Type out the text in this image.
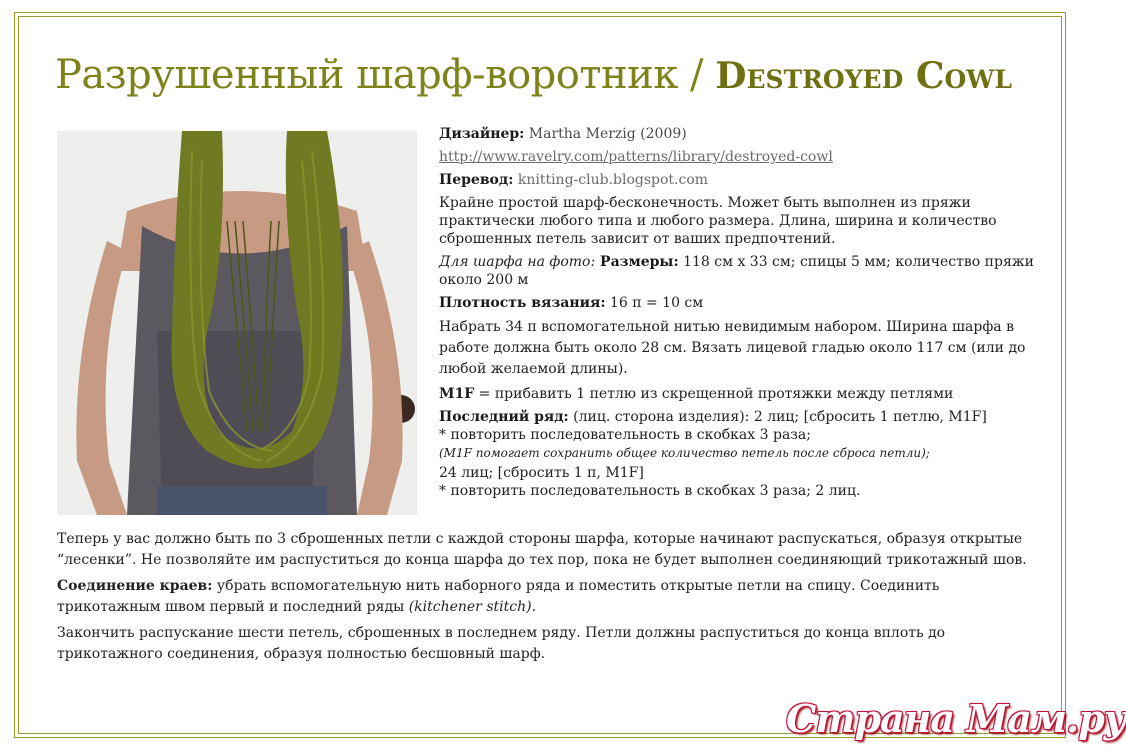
Разрушенный шарф-воротник / Destroyed Cowl

Дизайнер: Martha Merzig (2009)

http://www.ravelry.com/patterns/library/destroyed-cowl

Перевод: knitting-club.blogspot.com

Крайне простой шарф-бесконечность. Может быть выполнен из пряжи практически любого типа и любого размера. Длина, ширина и количество сброшенных петель зависит от ваших предпочтений.

Для шарфа на фото: Размеры: 118 см х 33 см; спицы 5 мм; количество пряжи около 200 м

Плотность вязания: 16 п = 10 см

Набрать 34 п вспомогательной нитью невидимым набором. Ширина шарфа в работе должна быть около 28 см. Вязать лицевой гладью около 117 см (или до любой желаемой длины).

M1F = прибавить 1 петлю из скрещенной протяжки между петлями

Последний ряд: (лиц. сторона изделия): 2 лиц; [сбросить 1 петлю, M1F]

* повторить последовательность в скобках 3 раза;

(M1F помогает сохранить общее количество петель после сброса петли);

24 лиц; [сбросить 1 п, M1F]

* повторить последовательность в скобках 3 раза; 2 лиц.

Теперь у вас должно быть по 3 сброшенных петли с каждой стороны шарфа, которые начинают распускаться, образуя открытые “лесенки”. Не позволяйте им распуститься до конца шарфа до тех пор, пока не будет выполнен соединяющий трикотажный шов.

Соединение краев: убрать вспомогательную нить наборного ряда и поместить открытые петли на спицу. Соединить трикотажным швом первый и последний ряды (kitchener stitch).

Закончить распускание шести петель, сброшенных в последнем ряду. Петли должны распуститься до конца вплоть до трикотажного соединения, образуя полностью бесшовный шарф.

Страна Мам.ру
